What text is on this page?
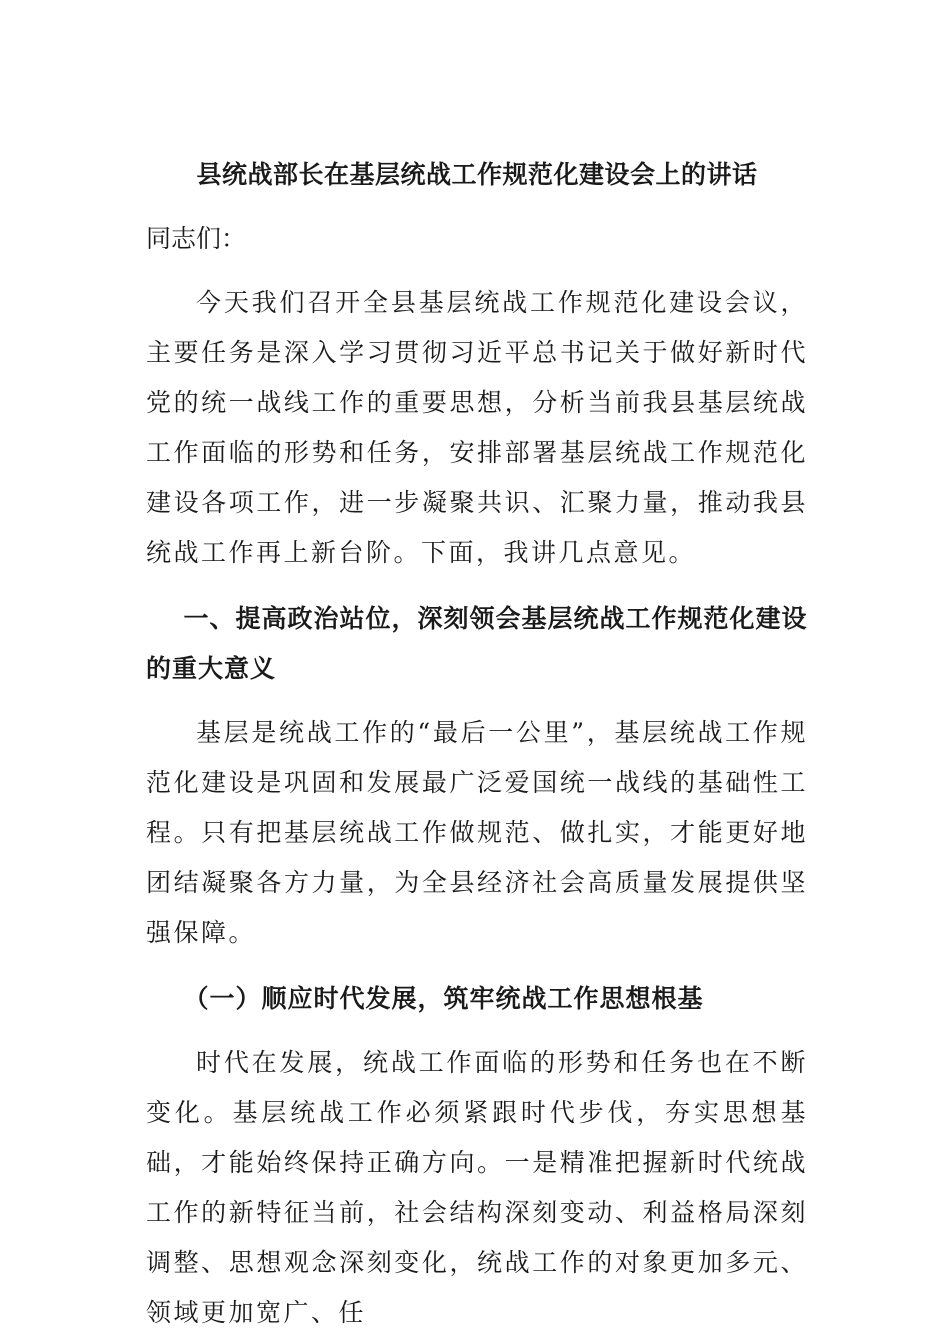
县统战部长在基层统战工作规范化建设会上的讲话
同志们：

今天我们召开全县基层统战工作规范化建设会议，主要任务是深入学习贯彻习近平总书记关于做好新时代党的统一战线工作的重要思想，分析当前我县基层统战工作面临的形势和任务，安排部署基层统战工作规范化建设各项工作，进一步凝聚共识、汇聚力量，推动我县统战工作再上新台阶。下面，我讲几点意见。

一、提高政治站位，深刻领会基层统战工作规范化建设的重大意义

基层是统战工作的“最后一公里”，基层统战工作规范化建设是巩固和发展最广泛爱国统一战线的基础性工程。只有把基层统战工作做规范、做扎实，才能更好地团结凝聚各方力量，为全县经济社会高质量发展提供坚强保障。

（一）顺应时代发展，筑牢统战工作思想根基

时代在发展，统战工作面临的形势和任务也在不断变化。基层统战工作必须紧跟时代步伐，夯实思想基础，才能始终保持正确方向。一是精准把握新时代统战工作的新特征当前，社会结构深刻变动、利益格局深刻调整、思想观念深刻变化，统战工作的对象更加多元、领域更加宽广、任
